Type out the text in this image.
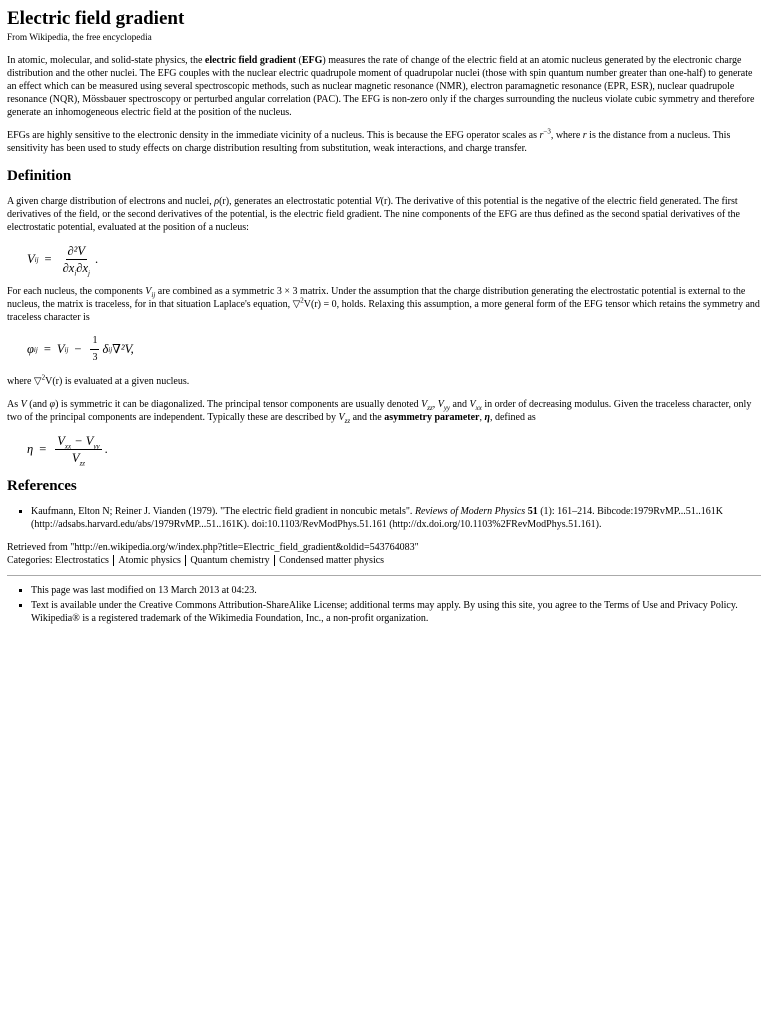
Electric field gradient
From Wikipedia, the free encyclopedia

In atomic, molecular, and solid-state physics, the electric field gradient (EFG) measures the rate of change of the electric field at an atomic nucleus generated by the electronic charge distribution and the other nuclei. The EFG couples with the nuclear electric quadrupole moment of quadrupolar nuclei (those with spin quantum number greater than one-half) to generate an effect which can be measured using several spectroscopic methods, such as nuclear magnetic resonance (NMR), electron paramagnetic resonance (EPR, ESR), nuclear quadrupole resonance (NQR), Mössbauer spectroscopy or perturbed angular correlation (PAC). The EFG is non-zero only if the charges surrounding the nucleus violate cubic symmetry and therefore generate an inhomogeneous electric field at the position of the nucleus.

EFGs are highly sensitive to the electronic density in the immediate vicinity of a nucleus. This is because the EFG operator scales as $r^{-3}$, where r is the distance from a nucleus. This sensitivity has been used to study effects on charge distribution resulting from substitution, weak interactions, and charge transfer.

Definition

A given charge distribution of electrons and nuclei, ρ(r), generates an electrostatic potential V(r). The derivative of this potential is the negative of the electric field generated. The first derivatives of the field, or the second derivatives of the potential, is the electric field gradient. The nine components of the EFG are thus defined as the second spatial derivatives of the electrostatic potential, evaluated at the position of a nucleus:

V ij = $\frac{\text{∂²V}}{\partial x_i\partial x_j}$ .

For each nucleus, the components $V_{ij}$ are combined as a symmetric 3 × 3 matrix. Under the assumption that the charge distribution generating the electrostatic potential is external to the nucleus, the matrix is traceless, for in that situation Laplace's equation, ▽$^2$V(r) = 0, holds. Relaxing this assumption, a more general form of the EFG tensor which retains the symmetry and traceless character is

φ ij = V ij − $\frac{1}{3}$ δ ij ∇²V,

where ▽$^2$V(r) is evaluated at a given nucleus.

As V (and φ) is symmetric it can be diagonalized. The principal tensor components are usually denoted $V_{zz}$, $V_{yy}$ and $V_{xx}$ in order of decreasing modulus. Given the traceless character, only two of the principal components are independent. Typically these are described by $V_{zz}$ and the asymmetry parameter, η, defined as

$\eta = \frac{V_{xx} - V_{yy}}{V_{zz}}$ .
References
▪ Kaufmann, Elton N; Reiner J. Vianden (1979). "The electric field gradient in noncubic metals". Reviews of Modern Physics 51 (1): 161–214. Bibcode:1979RvMP...51..161K (http://adsabs.harvard.edu/abs/1979RvMP...51..161K). doi:10.1103/RevModPhys.51.161 (http://dx.doi.org/10.1103%2FRevModPhys.51.161).

Retrieved from "http://en.wikipedia.org/w/index.php?title=Electric_field_gradient&oldid=543764083"

Categories: Electrostatics Atomic physics Quantum chemistry Condensed matter physics
▪ This page was last modified on 13 March 2013 at 04:23.
▪ Text is available under the Creative Commons Attribution-ShareAlike License; additional terms may apply. By using this site, you agree to the Terms of Use and Privacy Policy. Wikipedia® is a registered trademark of the Wikimedia Foundation, Inc., a non-profit organization.
